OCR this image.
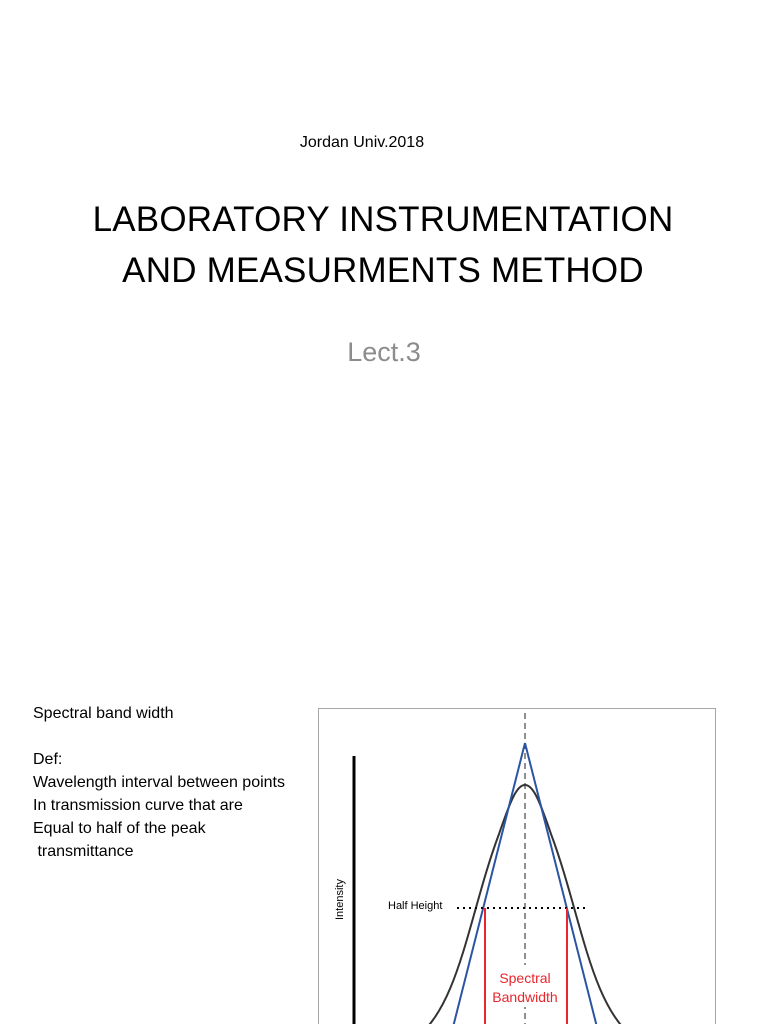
Jordan Univ.2018
LABORATORY INSTRUMENTATION
AND MEASURMENTS METHOD
Lect.3
Spectral band width
Def:
Wavelength interval between points
In transmission curve that are
Equal to half of the peak
transmittance
Intensity	Half Height
Spectral
Bandwidth
